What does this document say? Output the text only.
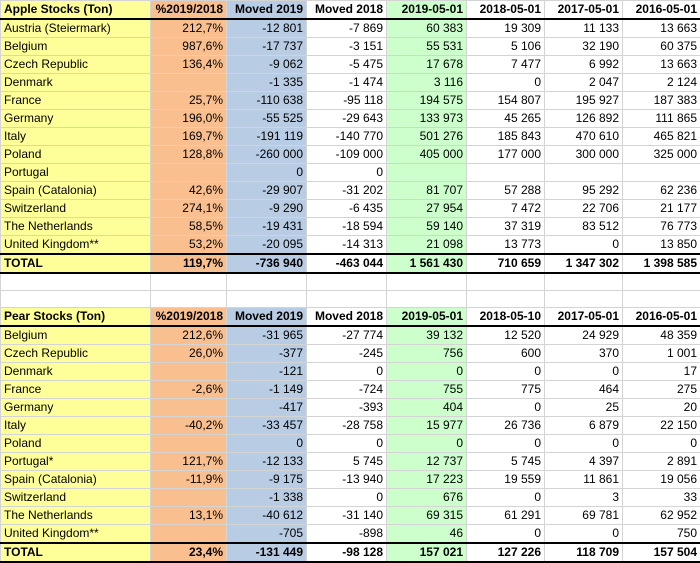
Apple Stocks (Ton)	%2019/2018	Moved 2019	Moved 2018	2019-05-01	2018-05-01	2017-05-01	2016-05-01
Austria (Steiermark)	212,7%	-12 801	-7 869	60 383	19 309	11 133	13 663
Belgium	987,6%	-17 737	-3 151	55 531	5 106	32 190	60 375
Czech Republic	136,4%	-9 062	-5 475	17 678	7 477	6 992	13 663
Denmark		-1 335	-1 474	3 116	0	2 047	2 124
France	25,7%	-110 638	-95 118	194 575	154 807	195 927	187 383
Germany	196,0%	-55 525	-29 643	133 973	45 265	126 892	111 865
Italy	169,7%	-191 119	-140 770	501 276	185 843	470 610	465 821
Poland	128,8%	-260 000	-109 000	405 000	177 000	300 000	325 000
Portugal		0	0				
Spain (Catalonia)	42,6%	-29 907	-31 202	81 707	57 288	95 292	62 236
Switzerland	274,1%	-9 290	-6 435	27 954	7 472	22 706	21 177
The Netherlands	58,5%	-19 431	-18 594	59 140	37 319	83 512	76 773
United Kingdom**	53,2%	-20 095	-14 313	21 098	13 773	0	13 850
TOTAL	119,7%	-736 940	-463 044	1 561 430	710 659	1 347 302	1 398 585

Pear Stocks (Ton)	%2019/2018	Moved 2019	Moved 2018	2019-05-01	2018-05-10	2017-05-01	2016-05-01
Belgium	212,6%	-31 965	-27 774	39 132	12 520	24 929	48 359
Czech Republic	26,0%	-377	-245	756	600	370	1 001
Denmark		-121	0	0	0	0	17
France	-2,6%	-1 149	-724	755	775	464	275
Germany		-417	-393	404	0	25	20
Italy	-40,2%	-33 457	-28 758	15 977	26 736	6 879	22 150
Poland		0	0	0	0	0	0
Portugal*	121,7%	-12 133	5 745	12 737	5 745	4 397	2 891
Spain (Catalonia)	-11,9%	-9 175	-13 940	17 223	19 559	11 861	19 056
Switzerland		-1 338	0	676	0	3	33
The Netherlands	13,1%	-40 612	-31 140	69 315	61 291	69 781	62 952
United Kingdom**		-705	-898	46	0	0	750
TOTAL	23,4%	-131 449	-98 128	157 021	127 226	118 709	157 504
